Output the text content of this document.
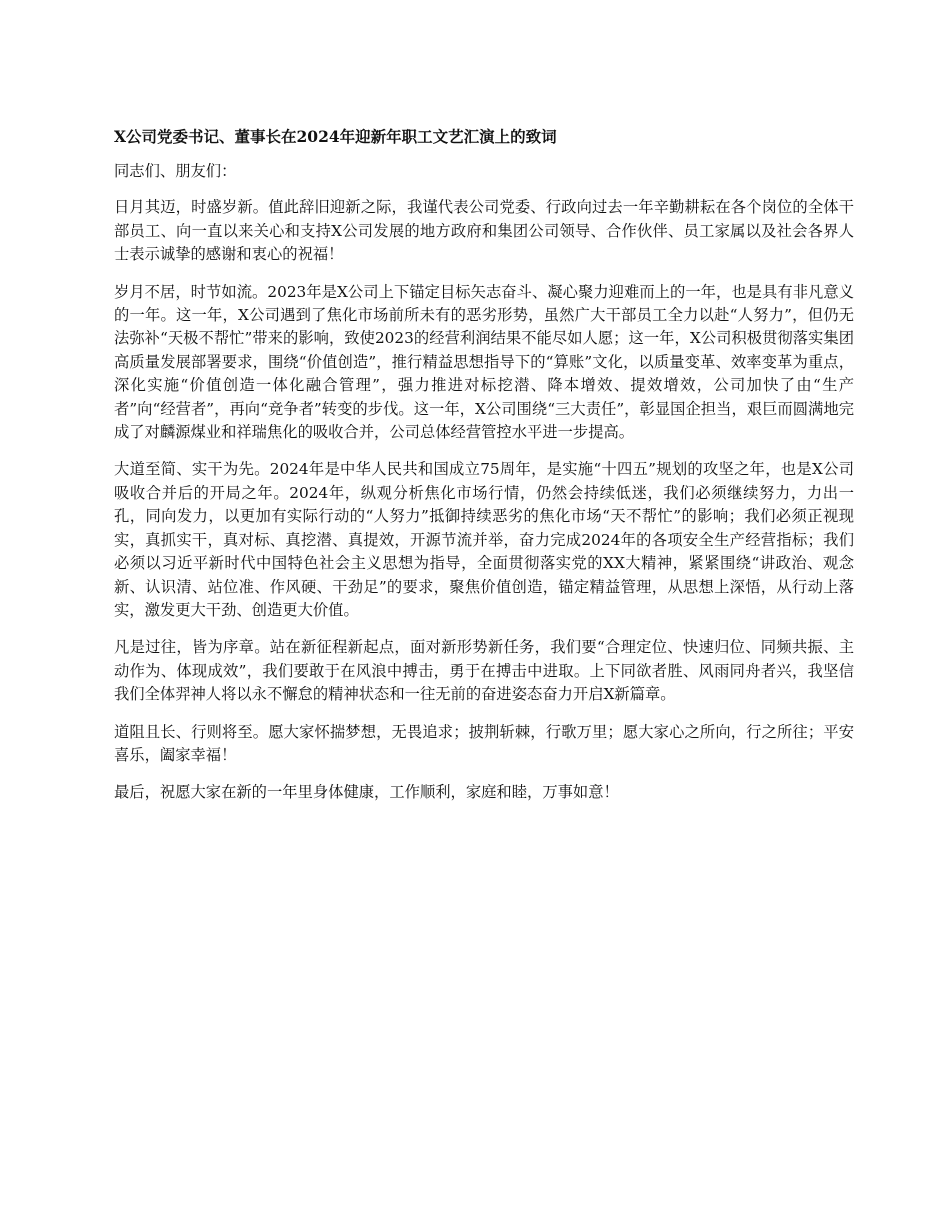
X公司党委书记、董事长在2024年迎新年职工文艺汇演上的致词

同志们、朋友们：

日月其迈，时盛岁新。值此辞旧迎新之际，我谨代表公司党委、行政向过去一年辛勤耕耘在各个岗位的全体干部员工、向一直以来关心和支持X公司发展的地方政府和集团公司领导、合作伙伴、员工家属以及社会各界人士表示诚挚的感谢和衷心的祝福！

岁月不居，时节如流。2023年是X公司上下锚定目标矢志奋斗、凝心聚力迎难而上的一年，也是具有非凡意义的一年。这一年，X公司遇到了焦化市场前所未有的恶劣形势，虽然广大干部员工全力以赴“人努力”，但仍无法弥补“天极不帮忙”带来的影响，致使2023的经营利润结果不能尽如人愿；这一年，X公司积极贯彻落实集团高质量发展部署要求，围绕“价值创造”，推行精益思想指导下的“算账”文化，以质量变革、效率变革为重点，深化实施“价值创造一体化融合管理”，强力推进对标挖潜、降本增效、提效增效，公司加快了由“生产者”向“经营者”，再向“竞争者”转变的步伐。这一年，X公司围绕“三大责任”，彰显国企担当，艰巨而圆满地完成了对麟源煤业和祥瑞焦化的吸收合并，公司总体经营管控水平进一步提高。

大道至简、实干为先。2024年是中华人民共和国成立75周年，是实施“十四五”规划的攻坚之年，也是X公司吸收合并后的开局之年。2024年，纵观分析焦化市场行情，仍然会持续低迷，我们必须继续努力，力出一孔，同向发力，以更加有实际行动的“人努力”抵御持续恶劣的焦化市场“天不帮忙”的影响；我们必须正视现实，真抓实干，真对标、真挖潜、真提效，开源节流并举，奋力完成2024年的各项安全生产经营指标；我们必须以习近平新时代中国特色社会主义思想为指导，全面贯彻落实党的XX大精神，紧紧围绕“讲政治、观念新、认识清、站位准、作风硬、干劲足”的要求，聚焦价值创造，锚定精益管理，从思想上深悟，从行动上落实，激发更大干劲、创造更大价值。

凡是过往，皆为序章。站在新征程新起点，面对新形势新任务，我们要“合理定位、快速归位、同频共振、主动作为、体现成效”，我们要敢于在风浪中搏击，勇于在搏击中进取。上下同欲者胜、风雨同舟者兴，我坚信我们全体羿神人将以永不懈怠的精神状态和一往无前的奋进姿态奋力开启X新篇章。

道阻且长、行则将至。愿大家怀揣梦想，无畏追求；披荆斩棘，行歌万里；愿大家心之所向，行之所往；平安喜乐，阖家幸福！

最后，祝愿大家在新的一年里身体健康，工作顺利，家庭和睦，万事如意！
